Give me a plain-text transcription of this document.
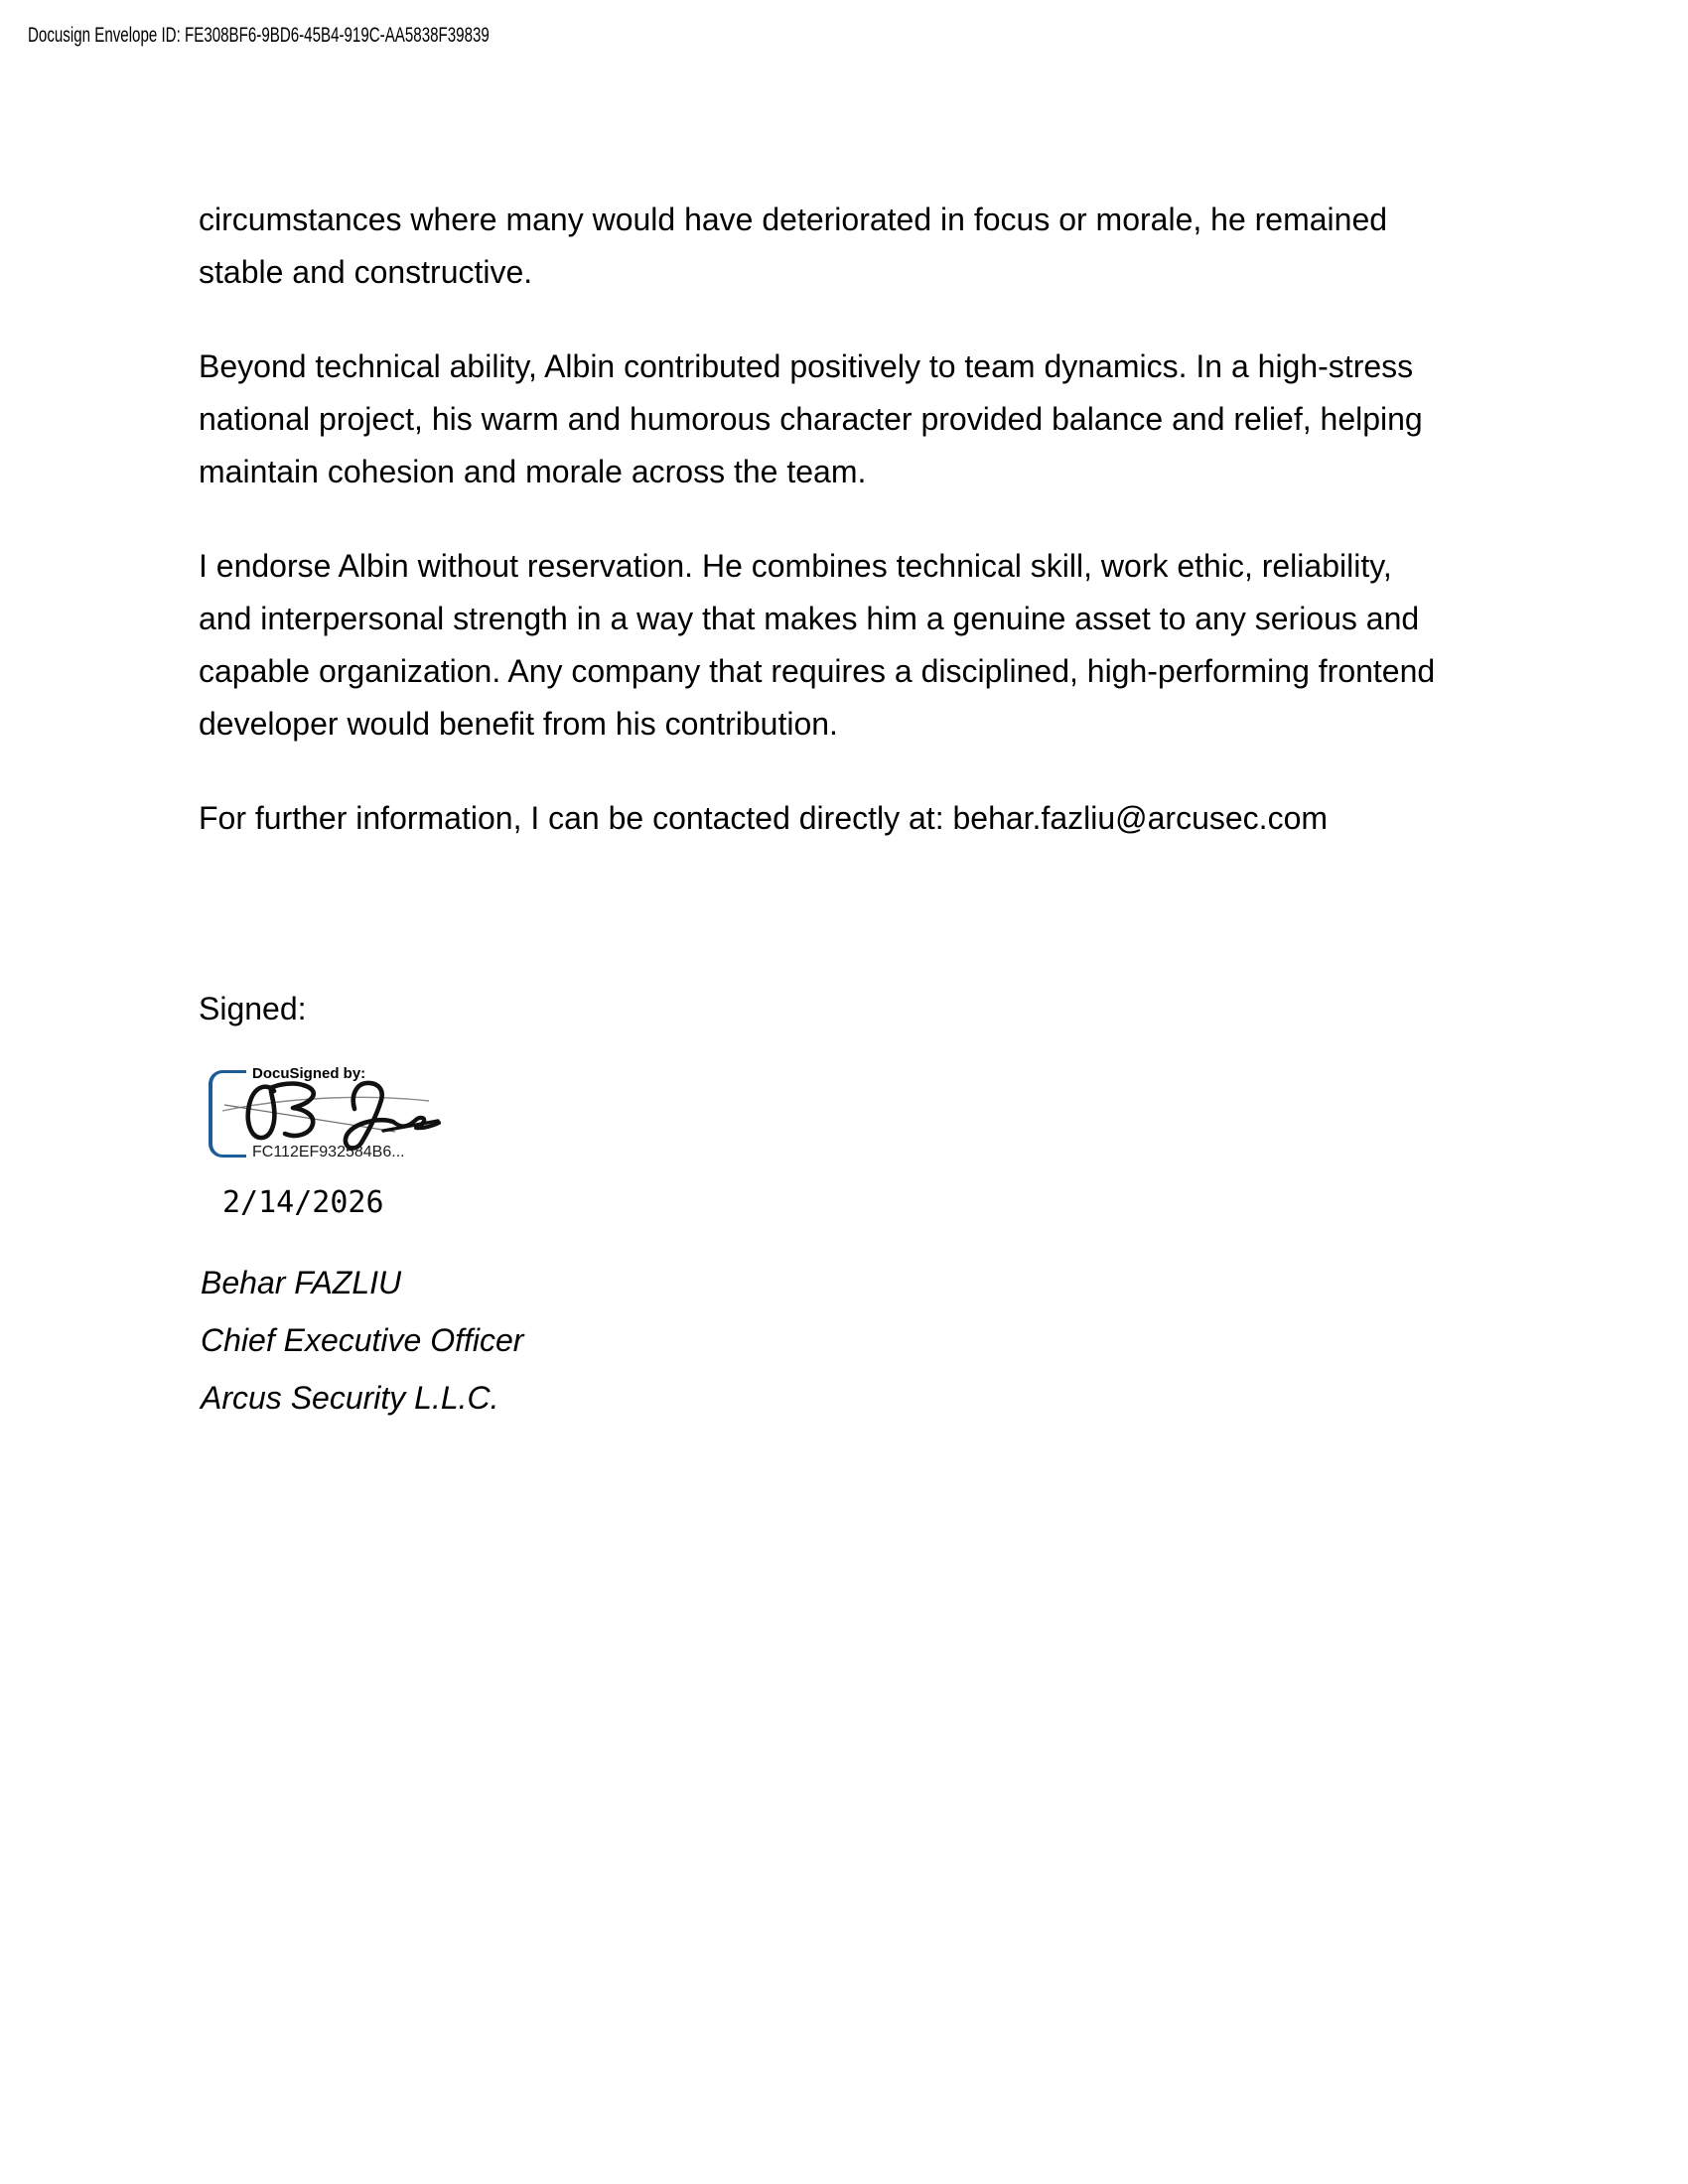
Docusign Envelope ID: FE308BF6-9BD6-45B4-919C-AA5838F39839
circumstances where many would have deteriorated in focus or morale, he remained
stable and constructive.
Beyond technical ability, Albin contributed positively to team dynamics. In a high-stress
national project, his warm and humorous character provided balance and relief, helping
maintain cohesion and morale across the team.
I endorse Albin without reservation. He combines technical skill, work ethic, reliability,
and interpersonal strength in a way that makes him a genuine asset to any serious and
capable organization. Any company that requires a disciplined, high-performing frontend
developer would benefit from his contribution.
For further information, I can be contacted directly at: behar.fazliu@arcusec.com
Signed:
DocuSigned by:
FC112EF932584B6...
2/14/2026
Behar FAZLIU
Chief Executive Officer
Arcus Security L.L.C.
